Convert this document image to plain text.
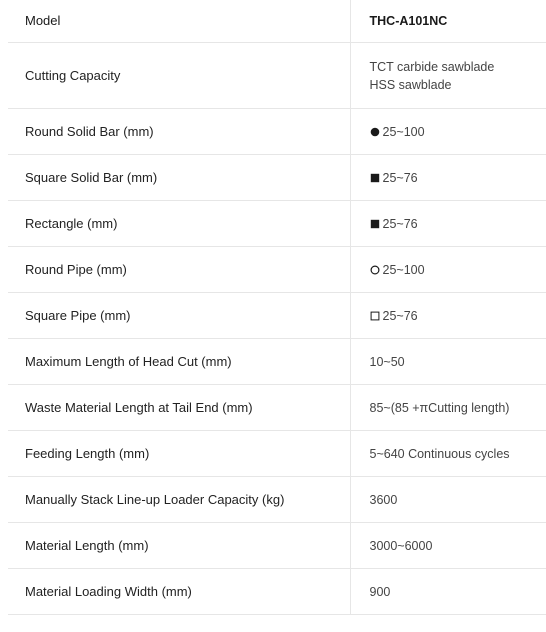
Model	THC-A101NC
Cutting Capacity	TCT carbide sawblade
HSS sawblade

Round Solid Bar (mm)	25~100
Square Solid Bar (mm)	25~76
Rectangle (mm)	25~76
Round Pipe (mm)	25~100
Square Pipe (mm)	25~76
Maximum Length of Head Cut (mm)	10~50
Waste Material Length at Tail End (mm)	85~(85 +πCutting length)
Feeding Length (mm)	5~640 Continuous cycles
Manually Stack Line-up Loader Capacity (kg)	3600
Material Length (mm)	3000~6000
Material Loading Width (mm)	900
